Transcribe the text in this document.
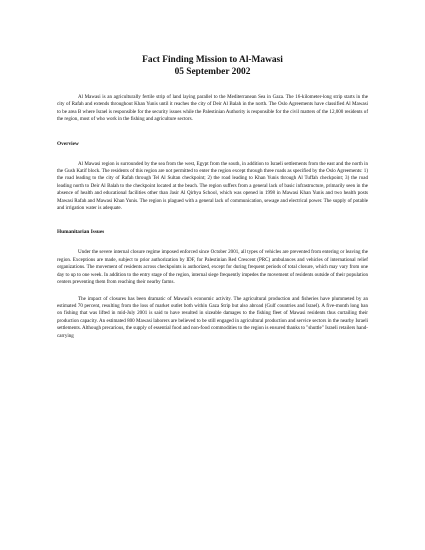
Fact Finding Mission to Al-Mawasi
05 September 2002

Al Mawasi is an agriculturally fertile strip of land laying parallel to the Mediterranean Sea in Gaza. The 16-kilometer-long strip starts in the city of Rafah and extends throughout Khan Yunis until it reaches the city of Deir Al Balah in the north. The Oslo Agreements have classified Al Mawasi to be area B where Israel is responsible for the security issues while the Palestinian Authority is responsible for the civil matters of the 12,000 residents of the region, most of who work in the fishing and agriculture sectors.

Overview

Al Mawasi region is surrounded by the sea from the west, Egypt from the south, in addition to Israeli settlements from the east and the north in the Gush Katif block. The residents of this region are not permitted to enter the region except through three roads as specified by the Oslo Agreements: 1) the road leading to the city of Rafah through Tel Al Sultan checkpoint; 2) the road leading to Khan Yunis through Al Tuffah checkpoint; 3) the road leading north to Deir Al Balah to the checkpoint located at the beach. The region suffers from a general lack of basic infrastructure, primarily seen in the absence of health and educational facilities other than Jasir Al Qirbya School, which was opened in 1998 in Mawasi Khan Yunis and two health posts Mawasi Rafah and Mawasi Khan Yunis. The region is plagued with a general lack of communication, sewage and electrical power. The supply of potable and irrigation water is adequate.

Humanitarian Issues

Under the severe internal closure regime imposed enforced since October 2001, all types of vehicles are prevented from entering or leaving the region. Exceptions are made, subject to prior authorization by IDF, for Palestinian Red Crescent (PRC) ambulances and vehicles of international relief organizations. The movement of residents across checkpoints is authorized, except for during frequent periods of total closure, which may vary from one day to up to one week. In addition to the entry stage of the region, internal siege frequently impedes the movement of residents outside of their population centers preventing them from reaching their nearby farms.

The impact of closures has been dramatic of Mawasi's economic activity. The agricultural production and fisheries have plummeted by an estimated 70 percent, resulting from the loss of market outlet both within Gaza Strip but also abroad (Gulf countries and Israel). A five-month long ban on fishing that was lifted in mid-July 2001 is said to have resulted in sizeable damages to the fishing fleet of Mawasi residents thus curtailing their production capacity. An estimated 800 Mawasi laborers are believed to be still engaged in agricultural production and service sectors in the nearby Israeli settlements. Although precarious, the supply of essential food and non-food commodities to the region is ensured thanks to "shuttle" Israeli retailers hand-carrying
